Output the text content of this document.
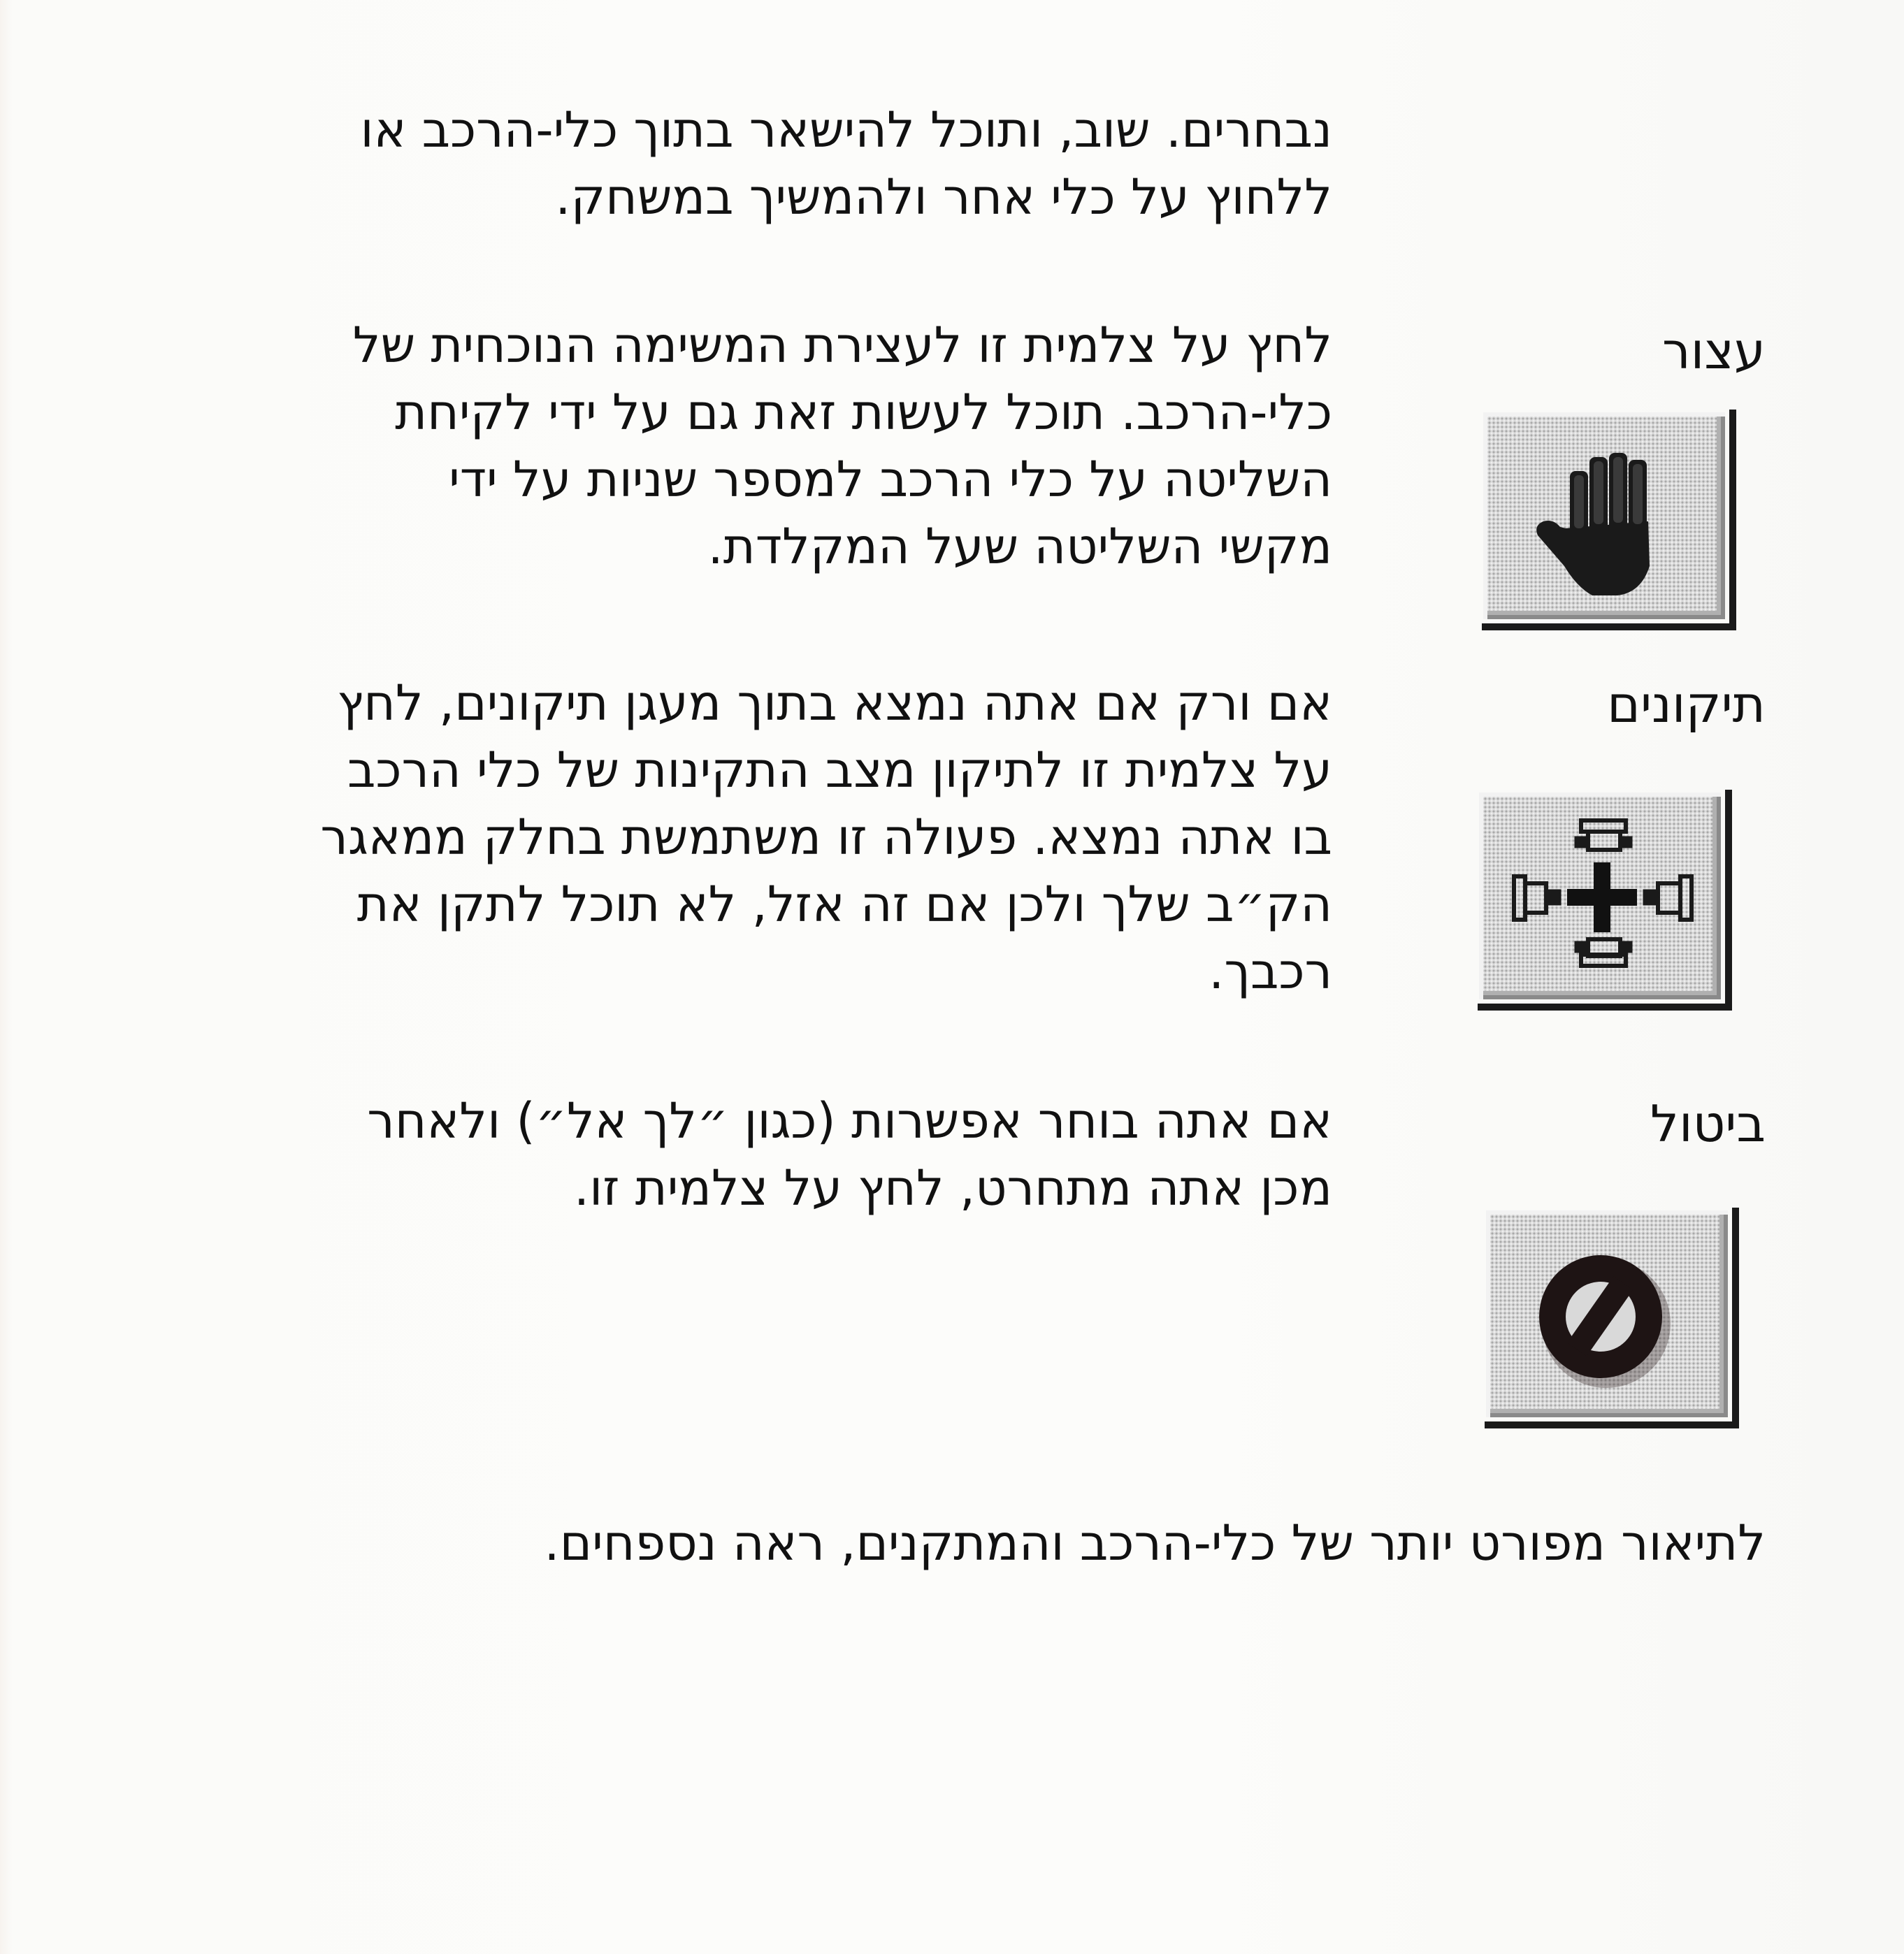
נבחרים. שוב, ותוכל להישאר בתוך כלי-הרכב או
ללחוץ על כלי אחר ולהמשיך במשחק.
עצור
לחץ על צלמית זו לעצירת המשימה הנוכחית של
כלי-הרכב. תוכל לעשות זאת גם על ידי לקיחת
השליטה על כלי הרכב למספר שניות על ידי
מקשי השליטה שעל המקלדת.
תיקונים
אם ורק אם אתה נמצא בתוך מעגן תיקונים, לחץ
על צלמית זו לתיקון מצב התקינות של כלי הרכב
בו אתה נמצא. פעולה זו משתמשת בחלק ממאגר
הק״ב שלך ולכן אם זה אזל, לא תוכל לתקן את
רכבך.
ביטול
אם אתה בוחר אפשרות (כגון ״לך אל״) ולאחר
מכן אתה מתחרט, לחץ על צלמית זו.
לתיאור מפורט יותר של כלי-הרכב והמתקנים, ראה נספחים.
